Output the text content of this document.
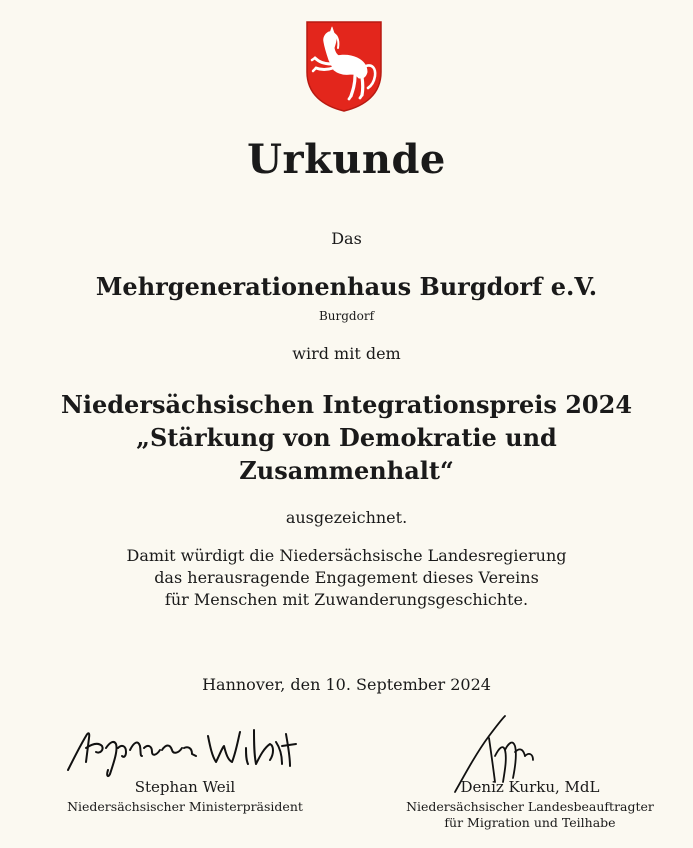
Urkunde
Das
Mehrgenerationenhaus Burgdorf e.V.
Burgdorf
wird mit dem
Niedersächsischen Integrationspreis 2024
„Stärkung von Demokratie und
Zusammenhalt“
ausgezeichnet.
Damit würdigt die Niedersächsische Landesregierung
das herausragende Engagement dieses Vereins
für Menschen mit Zuwanderungsgeschichte.
Hannover, den 10. September 2024
Stephan Weil
Niedersächsischer Ministerpräsident
Deniz Kurku, MdL
Niedersächsischer Landesbeauftragter
für Migration und Teilhabe
